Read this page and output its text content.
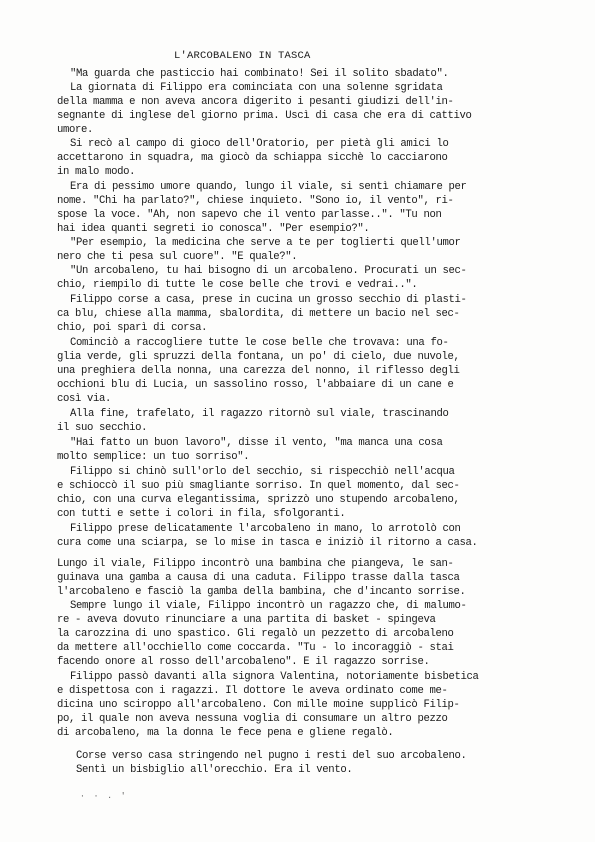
L'ARCOBALENO IN TASCA
"Ma guarda che pasticcio hai combinato! Sei il solito sbadato".
La giornata di Filippo era cominciata con una solenne sgridata
della mamma e non aveva ancora digerito i pesanti giudizi dell'in-
segnante di inglese del giorno prima. Uscì di casa che era di cattivo
umore.
Si recò al campo di gioco dell'Oratorio, per pietà gli amici lo
accettarono in squadra, ma giocò da schiappa sicchè lo cacciarono
in malo modo.
Era di pessimo umore quando, lungo il viale, si sentì chiamare per
nome. "Chi ha parlato?", chiese inquieto. "Sono io, il vento", ri-
spose la voce. "Ah, non sapevo che il vento parlasse..". "Tu non
hai idea quanti segreti io conosca". "Per esempio?".
"Per esempio, la medicina che serve a te per toglierti quell'umor
nero che ti pesa sul cuore". "E quale?".
"Un arcobaleno, tu hai bisogno di un arcobaleno. Procurati un sec-
chio, riempilo di tutte le cose belle che trovi e vedrai..".
Filippo corse a casa, prese in cucina un grosso secchio di plasti-
ca blu, chiese alla mamma, sbalordita, di mettere un bacio nel sec-
chio, poi sparì di corsa.
Cominciò a raccogliere tutte le cose belle che trovava: una fo-
glia verde, gli spruzzi della fontana, un po' di cielo, due nuvole,
una preghiera della nonna, una carezza del nonno, il riflesso degli
occhioni blu di Lucia, un sassolino rosso, l'abbaiare di un cane e
così via.
Alla fine, trafelato, il ragazzo ritornò sul viale, trascinando
il suo secchio.
"Hai fatto un buon lavoro", disse il vento, "ma manca una cosa
molto semplice: un tuo sorriso".
Filippo si chinò sull'orlo del secchio, si rispecchiò nell'acqua
e schioccò il suo più smagliante sorriso. In quel momento, dal sec-
chio, con una curva elegantissima, sprizzò uno stupendo arcobaleno,
con tutti e sette i colori in fila, sfolgoranti.
Filippo prese delicatamente l'arcobaleno in mano, lo arrotolò con
cura come una sciarpa, se lo mise in tasca e iniziò il ritorno a casa.
Lungo il viale, Filippo incontrò una bambina che piangeva, le san-
guinava una gamba a causa di una caduta. Filippo trasse dalla tasca
l'arcobaleno e fasciò la gamba della bambina, che d'incanto sorrise.
Sempre lungo il viale, Filippo incontrò un ragazzo che, di malumo-
re - aveva dovuto rinunciare a una partita di basket - spingeva
la carozzina di uno spastico. Gli regalò un pezzetto di arcobaleno
da mettere all'occhiello come coccarda. "Tu - lo incoraggiò - stai
facendo onore al rosso dell'arcobaleno". E il ragazzo sorrise.
Filippo passò davanti alla signora Valentina, notoriamente bisbetica
e dispettosa con i ragazzi. Il dottore le aveva ordinato come me-
dicina uno sciroppo all'arcobaleno. Con mille moine supplicò Filip-
po, il quale non aveva nessuna voglia di consumare un altro pezzo
di arcobaleno, ma la donna le fece pena e gliene regalò.
Corse verso casa stringendo nel pugno i resti del suo arcobaleno.
Sentì un bisbiglio all'orecchio. Era il vento.
· · . '
